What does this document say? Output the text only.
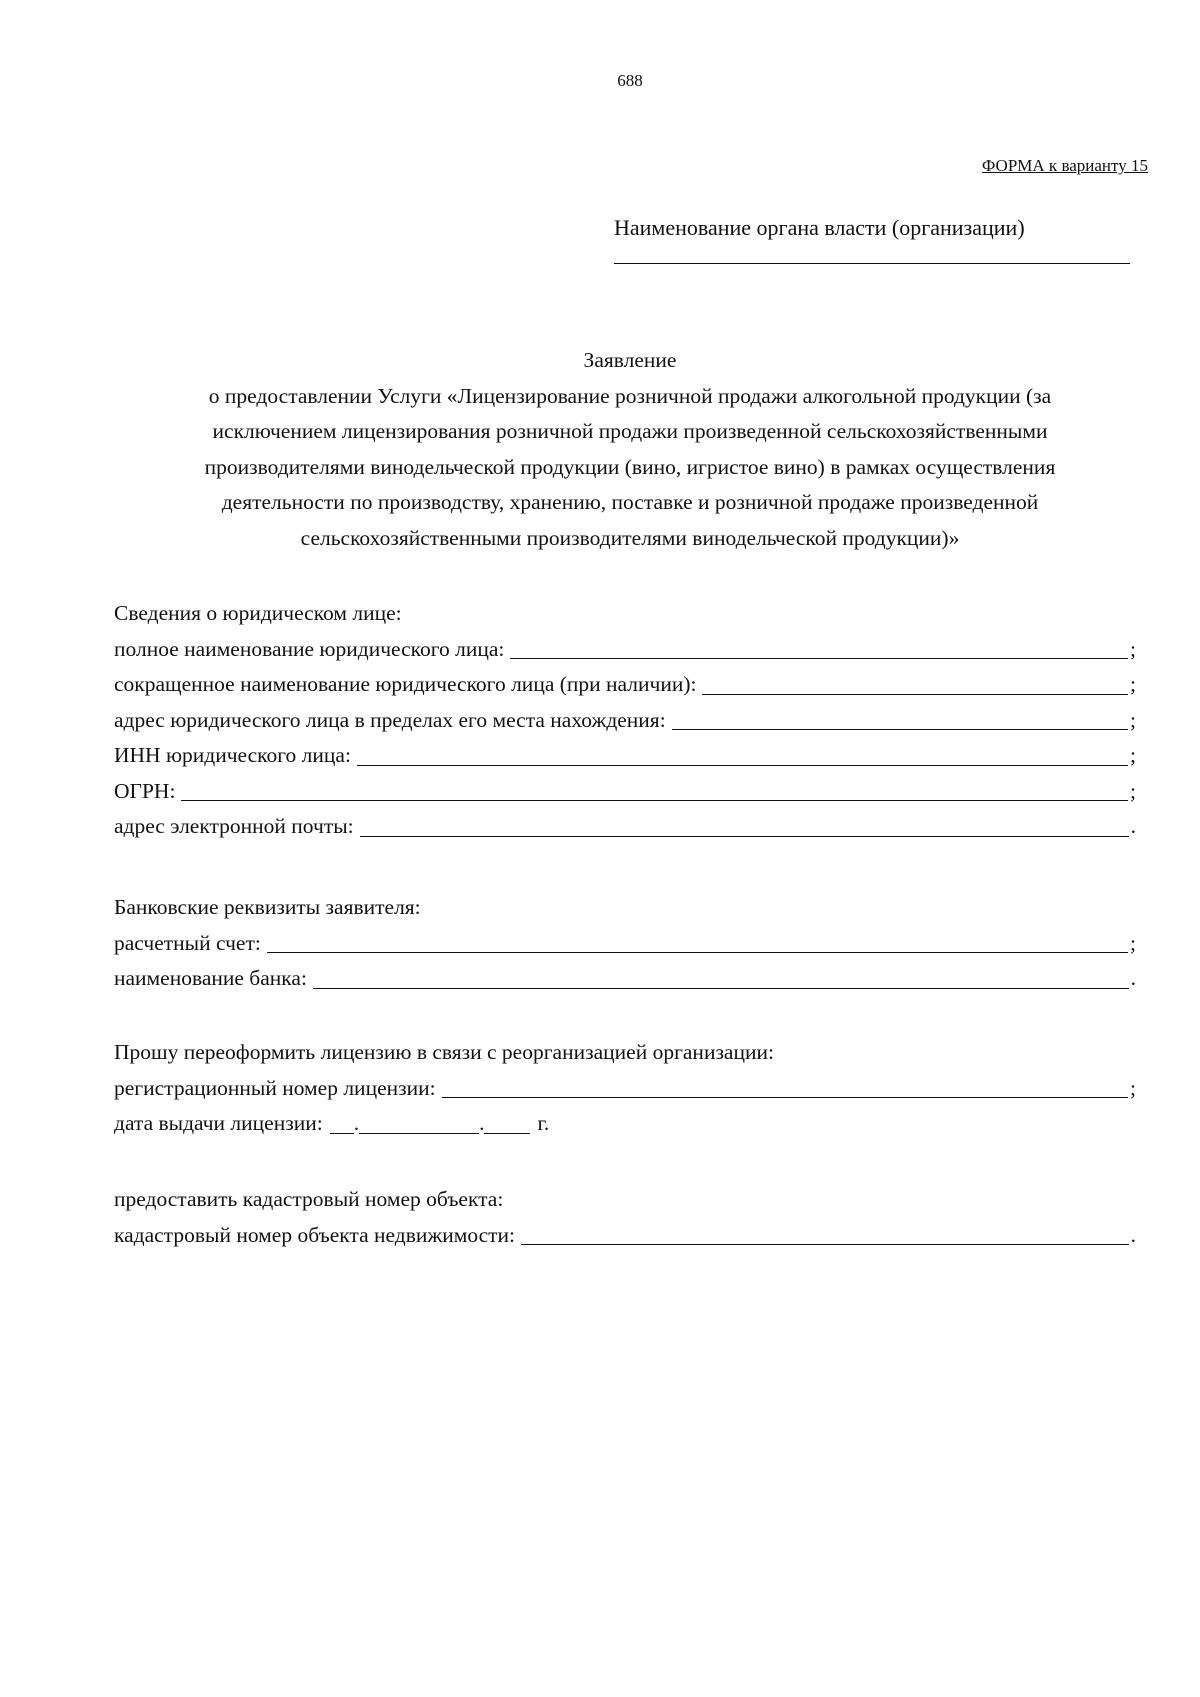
688
ФОРМА к варианту 15
Наименование органа власти (организации)
Заявление
о предоставлении Услуги «Лицензирование розничной продажи алкогольной продукции (за
исключением лицензирования розничной продажи произведенной сельскохозяйственными
производителями винодельческой продукции (вино, игристое вино) в рамках осуществления
деятельности по производству, хранению, поставке и розничной продаже произведенной
сельскохозяйственными производителями винодельческой продукции)»
Сведения о юридическом лице:
полное наименование юридического лица:	;
сокращенное наименование юридического лица (при наличии):	;
адрес юридического лица в пределах его места нахождения:	;
ИНН юридического лица:	;
ОГРН:	;
адрес электронной почты:	.
Банковские реквизиты заявителя:
расчетный счет:	;
наименование банка:	.
Прошу переоформить лицензию в связи с реорганизацией организации:
регистрационный номер лицензии:	;
дата выдачи лицензии: .	. г.
предоставить кадастровый номер объекта:
кадастровый номер объекта недвижимости:	.
